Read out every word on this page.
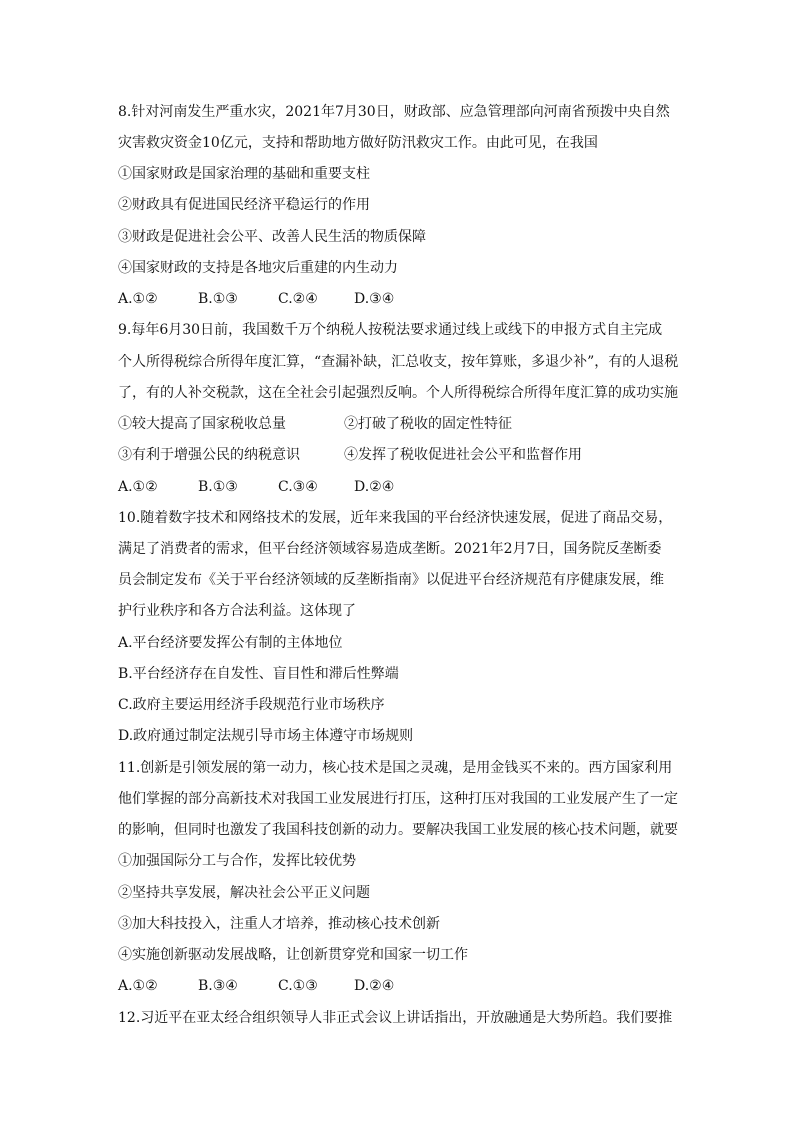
8.针对河南发生严重水灾，2021年7月30日，财政部、应急管理部向河南省预拨中央自然
灾害救灾资金10亿元，支持和帮助地方做好防汛救灾工作。由此可见，在我国
①国家财政是国家治理的基础和重要支柱
②财政具有促进国民经济平稳运行的作用
③财政是促进社会公平、改善人民生活的物质保障
④国家财政的支持是各地灾后重建的内生动力
A.①②	B.①③	C.②④	D.③④
9.每年6月30日前，我国数千万个纳税人按税法要求通过线上或线下的申报方式自主完成
个人所得税综合所得年度汇算，“查漏补缺，汇总收支，按年算账，多退少补”，有的人退税
了，有的人补交税款，这在全社会引起强烈反响。个人所得税综合所得年度汇算的成功实施
①较大提高了国家税收总量	②打破了税收的固定性特征
③有利于增强公民的纳税意识	④发挥了税收促进社会公平和监督作用
A.①②	B.①③	C.③④	D.②④
10.随着数字技术和网络技术的发展，近年来我国的平台经济快速发展，促进了商品交易，
满足了消费者的需求，但平台经济领域容易造成垄断。2021年2月7日，国务院反垄断委
员会制定发布《关于平台经济领域的反垄断指南》以促进平台经济规范有序健康发展，维
护行业秩序和各方合法利益。这体现了
A.平台经济要发挥公有制的主体地位
B.平台经济存在自发性、盲目性和滞后性弊端
C.政府主要运用经济手段规范行业市场秩序
D.政府通过制定法规引导市场主体遵守市场规则
11.创新是引领发展的第一动力，核心技术是国之灵魂，是用金钱买不来的。西方国家利用
他们掌握的部分高新技术对我国工业发展进行打压，这种打压对我国的工业发展产生了一定
的影响，但同时也激发了我国科技创新的动力。要解决我国工业发展的核心技术问题，就要
①加强国际分工与合作，发挥比较优势
②坚持共享发展，解决社会公平正义问题
③加大科技投入，注重人才培养，推动核心技术创新
④实施创新驱动发展战略，让创新贯穿党和国家一切工作
A.①②	B.③④	C.①③	D.②④
12.习近平在亚太经合组织领导人非正式会议上讲话指出，开放融通是大势所趋。我们要推
